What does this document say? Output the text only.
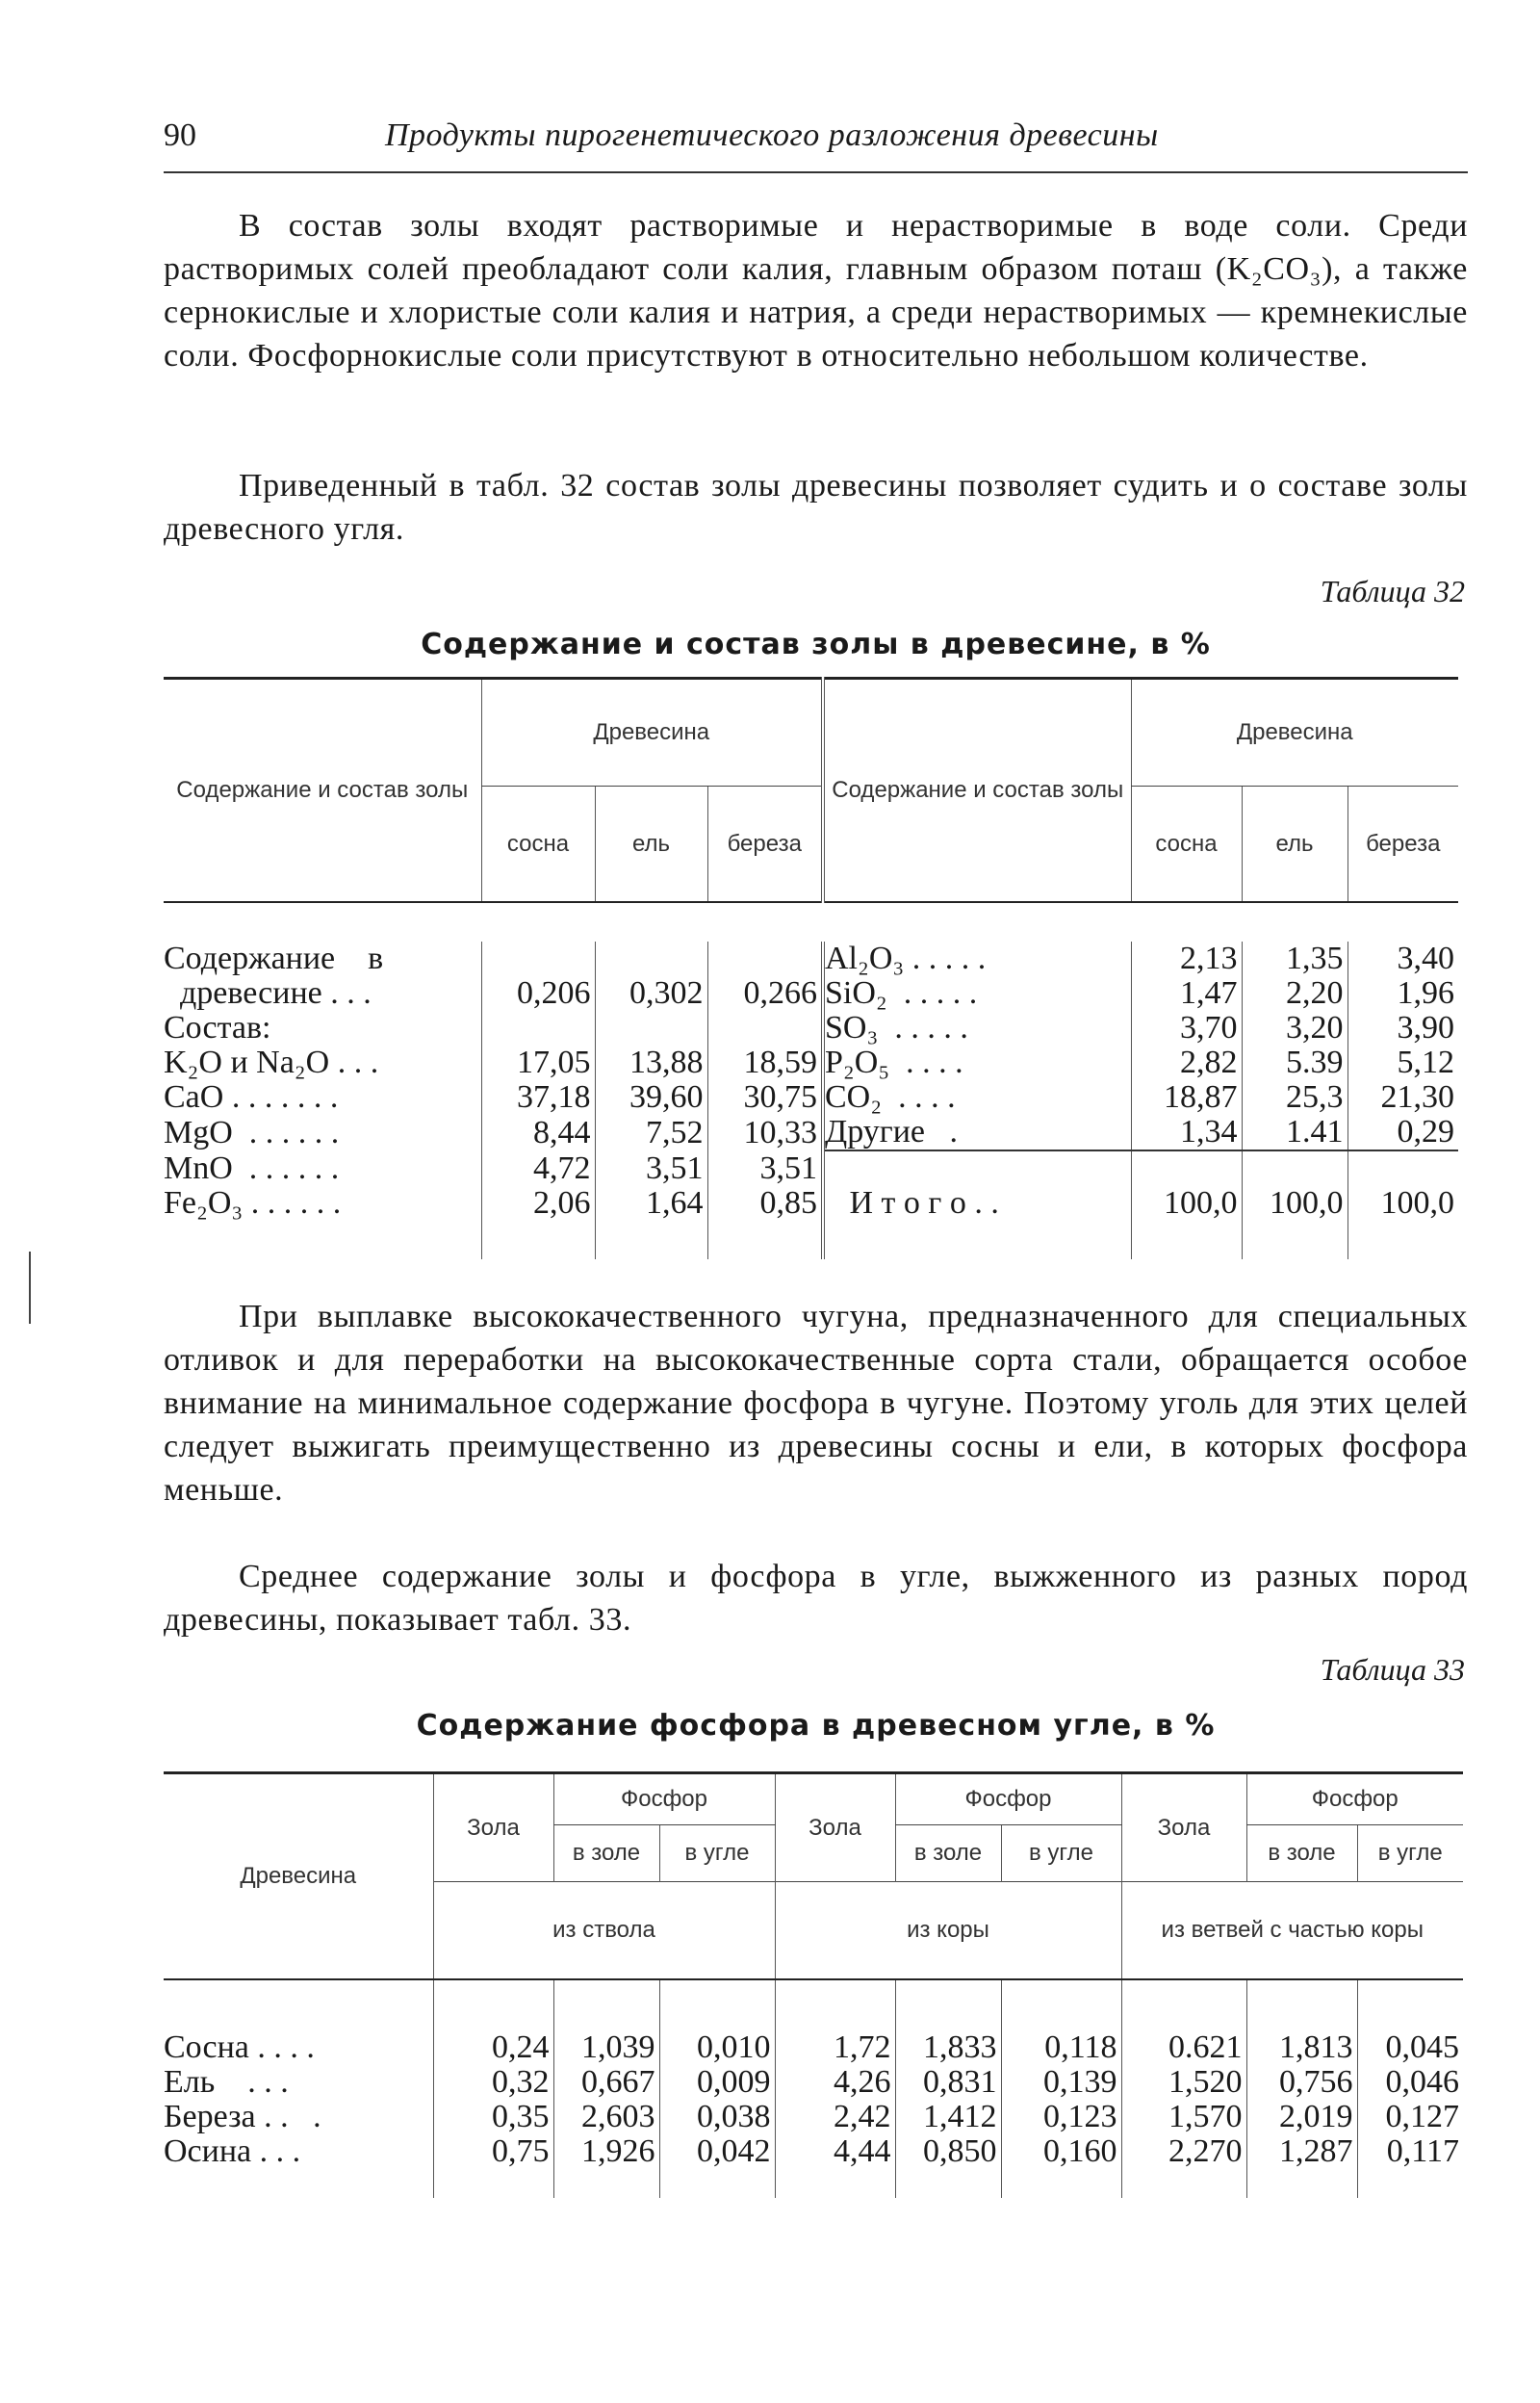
90	Продукты пирогенетического разложения древесины

В состав золы входят растворимые и нерастворимые в воде соли. Среди растворимых солей преобладают соли калия, главным образом поташ (K₂CO₃), а также сернокислые и хлористые соли калия и натрия, а среди нерастворимых — кремнекислые соли. Фосфорнокислые соли присутствуют в относительно небольшом количестве.

Приведенный в табл. 32 состав золы древесины позволяет судить и о составе золы древесного угля.

Таблица 32
Содержание и состав золы в древесине, в %
Содержание и состав золы	Древесина			Содержание и состав золы	Древесина		
	сосна	ель	береза		сосна	ель	береза

Содержание    в				Al₂O₃ . . . . .	2,13	1,35	3,40
древесине . . .	0,206	0,302	0,266	SiO₂  . . . . .	1,47	2,20	1,96
Состав:				SO₃  . . . . .	3,70	3,20	3,90
K₂O и Na₂O . . .	17,05	13,88	18,59	P₂O₅  . . . .	2,82	5.39	5,12
CaO . . . . . . .	37,18	39,60	30,75	CO₂  . . . .	18,87	25,3	21,30
MgO  . . . . . .	8,44	7,52	10,33	Другие   .	1,34	1.41	0,29
MnO  . . . . . .	4,72	3,51	3,51				
Fe₂O₃ . . . . . .	2,06	1,64	0,85	И т о г о . .	100,0	100,0	100,0

При выплавке высококачественного чугуна, предназначенного для специальных отливок и для переработки на высококачественные сорта стали, обращается особое внимание на минимальное содержание фосфора в чугуне. Поэтому уголь для этих целей следует выжигать преимущественно из древесины сосны и ели, в которых фосфора меньше.

Среднее содержание золы и фосфора в угле, выжженного из разных пород древесины, показывает табл. 33.

Таблица 33
Содержание фосфора в древесном угле, в %
Древесина	Зола	Фосфор		Зола	Фосфор		Зола	Фосфор	
		в золе	в угле		в золе	в угле		в золе	в угле
	из ствола			из коры			из ветвей с частью коры		

Сосна . . . .	0,24	1,039	0,010	1,72	1,833	0,118	0.621	1,813	0,045
Ель    . . .	0,32	0,667	0,009	4,26	0,831	0,139	1,520	0,756	0,046
Береза . .   .	0,35	2,603	0,038	2,42	1,412	0,123	1,570	2,019	0,127
Осина . . .	0,75	1,926	0,042	4,44	0,850	0,160	2,270	1,287	0,117
